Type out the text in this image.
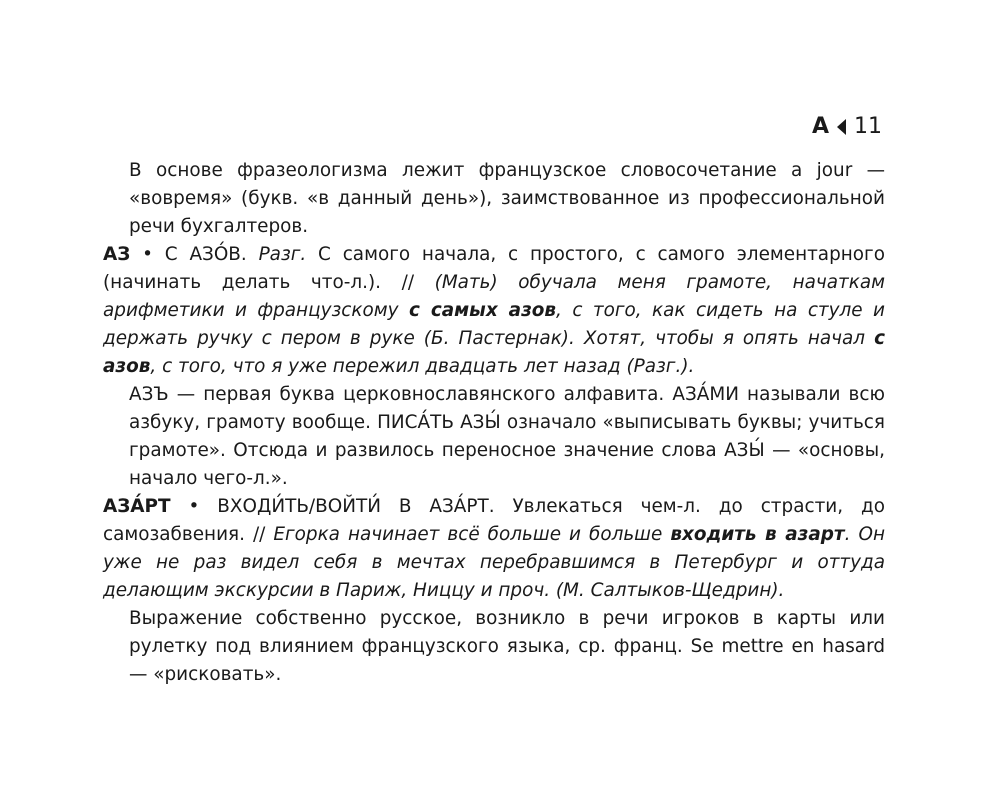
А 11

В основе фразеологизма лежит французское словосочетание a jour — «вовремя» (букв. «в данный день»), заимствованное из профессиональной речи бухгалтеров.

АЗ • С АЗО́В. Разг. С самого начала, с простого, с самого элементарного (начинать делать что-л.). // (Мать) обучала меня грамоте, начаткам арифметики и французскому с самых азов, с того, как сидеть на стуле и держать ручку с пером в руке (Б. Пастернак). Хотят, чтобы я опять начал с азов, с того, что я уже пережил двадцать лет назад (Разг.).

АЗЪ — первая буква церковнославянского алфавита. АЗА́МИ называли всю азбуку, грамоту вообще. ПИСА́ТЬ АЗЫ́ означало «выписывать буквы; учиться грамоте». Отсюда и развилось переносное значение слова АЗЫ́ — «основы, начало чего-л.».

АЗА́РТ • ВХОДИ́ТЬ/ВОЙТИ́ В АЗА́РТ. Увлекаться чем-л. до страсти, до самозабвения. // Егорка начинает всё больше и больше входить в азарт. Он уже не раз видел себя в мечтах перебравшимся в Петербург и оттуда делающим экскурсии в Париж, Ниццу и проч. (М. Салтыков-Щедрин).

Выражение собственно русское, возникло в речи игроков в карты или рулетку под влиянием французского языка, ср. франц. Se mettre en hasard — «рисковать».
